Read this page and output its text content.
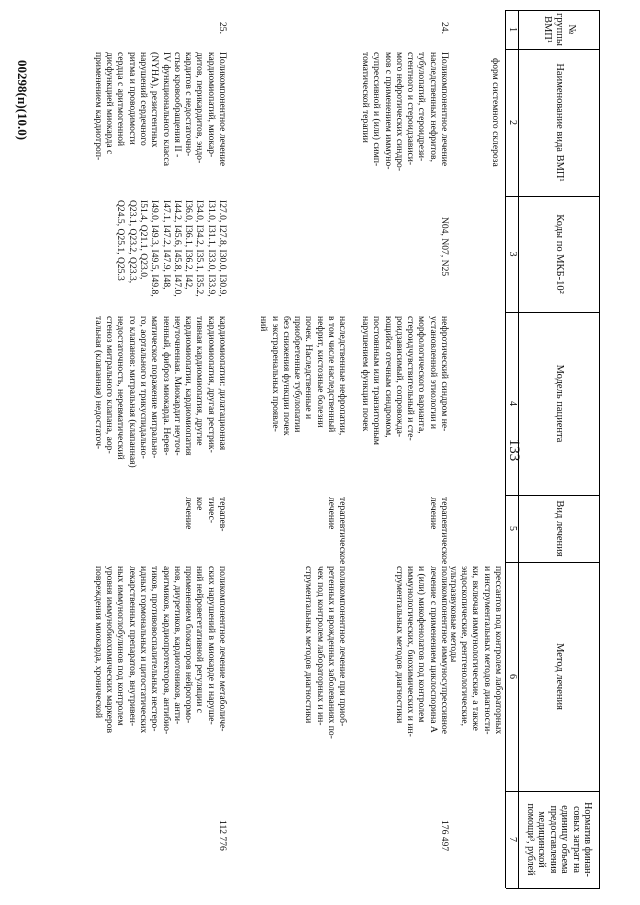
133
№
группы
ВМП¹
Наименование вида ВМП¹
Коды по МКБ-10²
Модель пациента
Вид лечения
Метод лечения
Норматив финан-
совых затрат на
единицу объема
предоставления
медицинской
помощи³, рублей
1
2
3
4
5
6
7
форм системного склероза
прессантов под контролем лабораторных
и инструментальных методов диагности-
ки, включая иммунологические, а также
эндоскопические, рентгенологические,
ультразвуковые методы
24.
Поликомпонентное лечение
наследственных нефритов,
тубулопатий, стероидрези-
стентного и стероидзависи-
мого нефротических синдро-
мов с применением иммуно-
супрессивной и (или) симп-
томатической терапии
N04, N07, N25
нефротический синдром не-
установленной этиологии и
морфологического варианта,
стероидчувствительный и сте-
роидзависимый, сопровожда-
ющийся отечным синдромом,
постоянным или транзиторным
нарушением функции почек

наследственные нефропатии,
в том числе наследственный
нефрит, кистозные болезни
почек. Наследственные и
приобретенные тубулопатии
без снижения функции почек
и экстраренальных проявле-
ний
терапевтическое
лечение

терапевтическое
лечение
поликомпонентное иммуносупрессивное
лечение с применением циклоспорина А
и (или) микофенолатов под контролем
иммунологических, биохимических и ин-
струментальных методов диагностики

поликомпонентное лечение при приоб-
ретенных и врожденных заболеваниях по-
чек под контролем лабораторных и ин-
струментальных методов диагностики
176 497
25.
Поликомпонентное лечение
кардиомиопатий, миокар-
дитов, перикардитов, эндо-
кардитов с недостаточно-
стью кровообращения II -
IV функционального класса
(NYHA), резистентных
нарушений сердечного
ритма и проводимости
сердца с аритмогенной
дисфункцией миокарда с
применением кардиотроп-
I27.0, I27.8, I30.0, I30.9,
I31.0, I31.1, I33.0, I33.9,
I34.0, I34.2, I35.1, I35.2,
I36.0, I36.1, I36.2, I42,
I44.2, I45.6, I45.8, I47.0,
I47.1, I47.2, I47.9, I48,
I49.0, I49.3, I49.5, I49.8,
I51.4, Q21.1, Q23.0,
Q23.1, Q23.2, Q23.3,
Q24.5, Q25.1, Q25.3
кардиомиопатии: дилатационная
кардиомиопатия, другая рестрик-
тивная кардиомиопатия, другие
кардиомиопатии, кардиомиопатия
неуточненная. Миокардит неуточ-
ненный, фиброз миокарда. Нерев-
матическое поражение митрально-
го, аортального и трикуспидально-
го клапанов: митральная (клапанная)
недостаточность, неревматический
стеноз митрального клапана, аор-
тальная (клапанная) недостаточ-
терапев-
тичес-
кое
лечение
поликомпонентное лечение метаболиче-
ских нарушений в миокарде и наруше-
ний нейровегетативной регуляции с
применением блокаторов нейрогормо-
нов, диуретиков, кардиотоников, анти-
аритмиков, кардиопротекторов, антибио-
тиков, противовоспалительных нестеро-
идных гормональных и цитостатических
лекарственных препаратов, внутривен-
ных иммуноглобулинов под контролем
уровня иммунобиохимических маркеров
повреждения миокарда, хронической
112 776
00298(п)(10.0)
